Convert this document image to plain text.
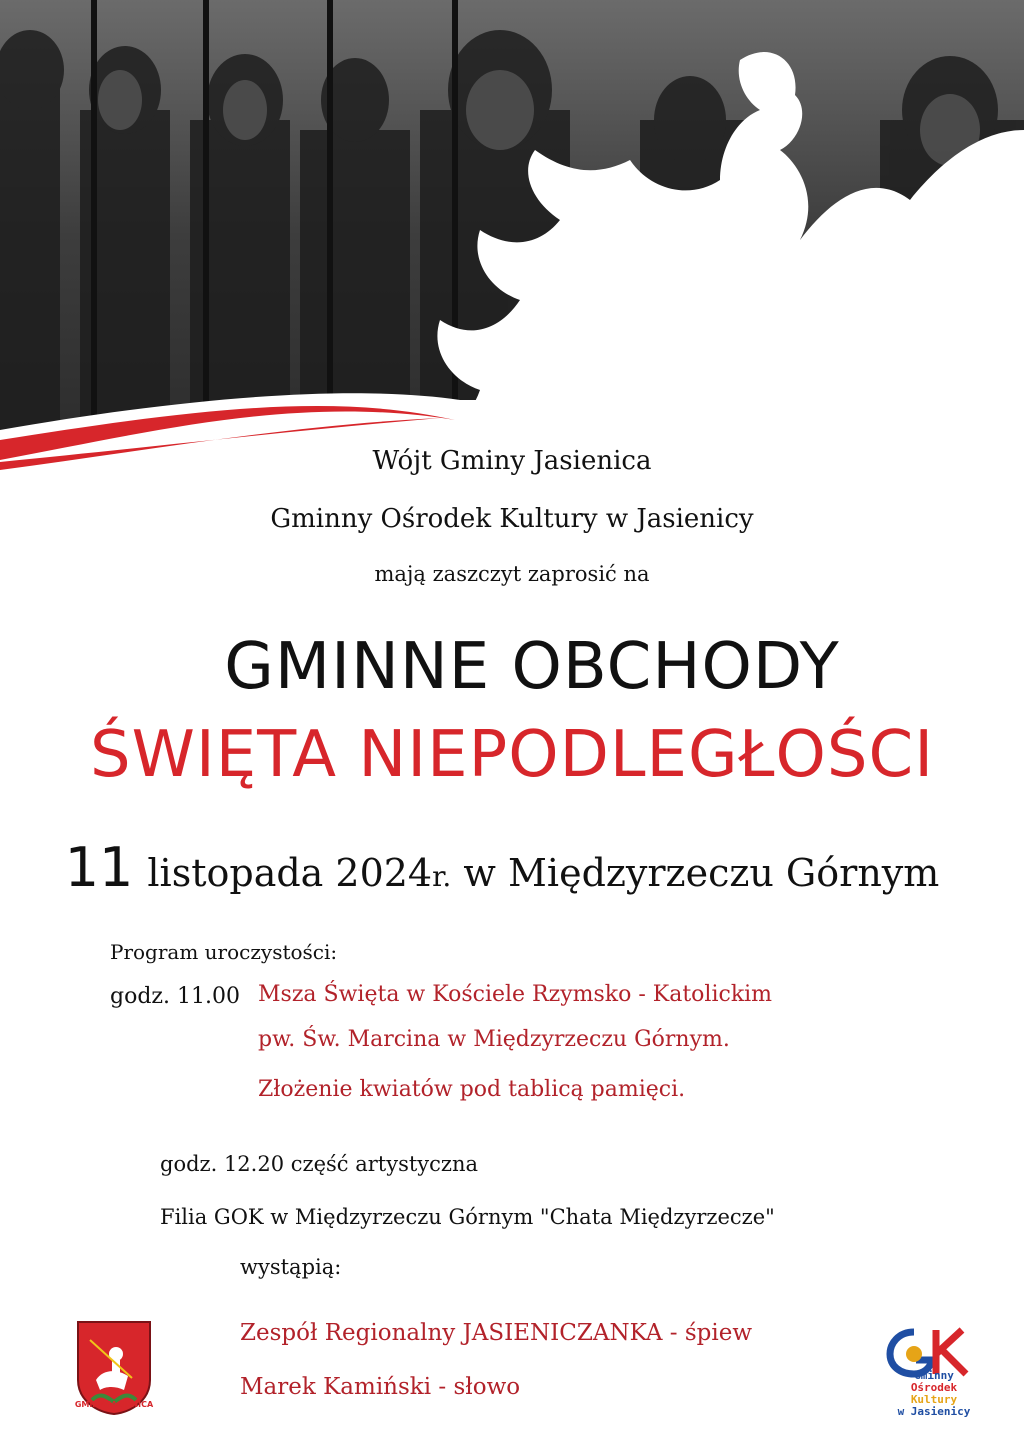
Wójt Gminy Jasienica
Gminny Ośrodek Kultury w Jasienicy
mają zaszczyt zaprosić na
GMINNE OBCHODY
ŚWIĘTA NIEPODLEGŁOŚCI
11 listopada 2024r. w Międzyrzeczu Górnym
Program uroczystości:
godz. 11.00 Msza Święta w Kościele Rzymsko - Katolickim
pw. Św. Marcina w Międzyrzeczu Górnym.
Złożenie kwiatów pod tablicą pamięci.
godz. 12.20 część artystyczna
Filia GOK w Międzyrzeczu Górnym "Chata Międzyrzecze"
wystąpią:
Zespół Regionalny JASIENICZANKA - śpiew
Marek Kamiński - słowo
GMINA JASIENICA
Gminny
Ośrodek
Kultury
w Jasienicy
